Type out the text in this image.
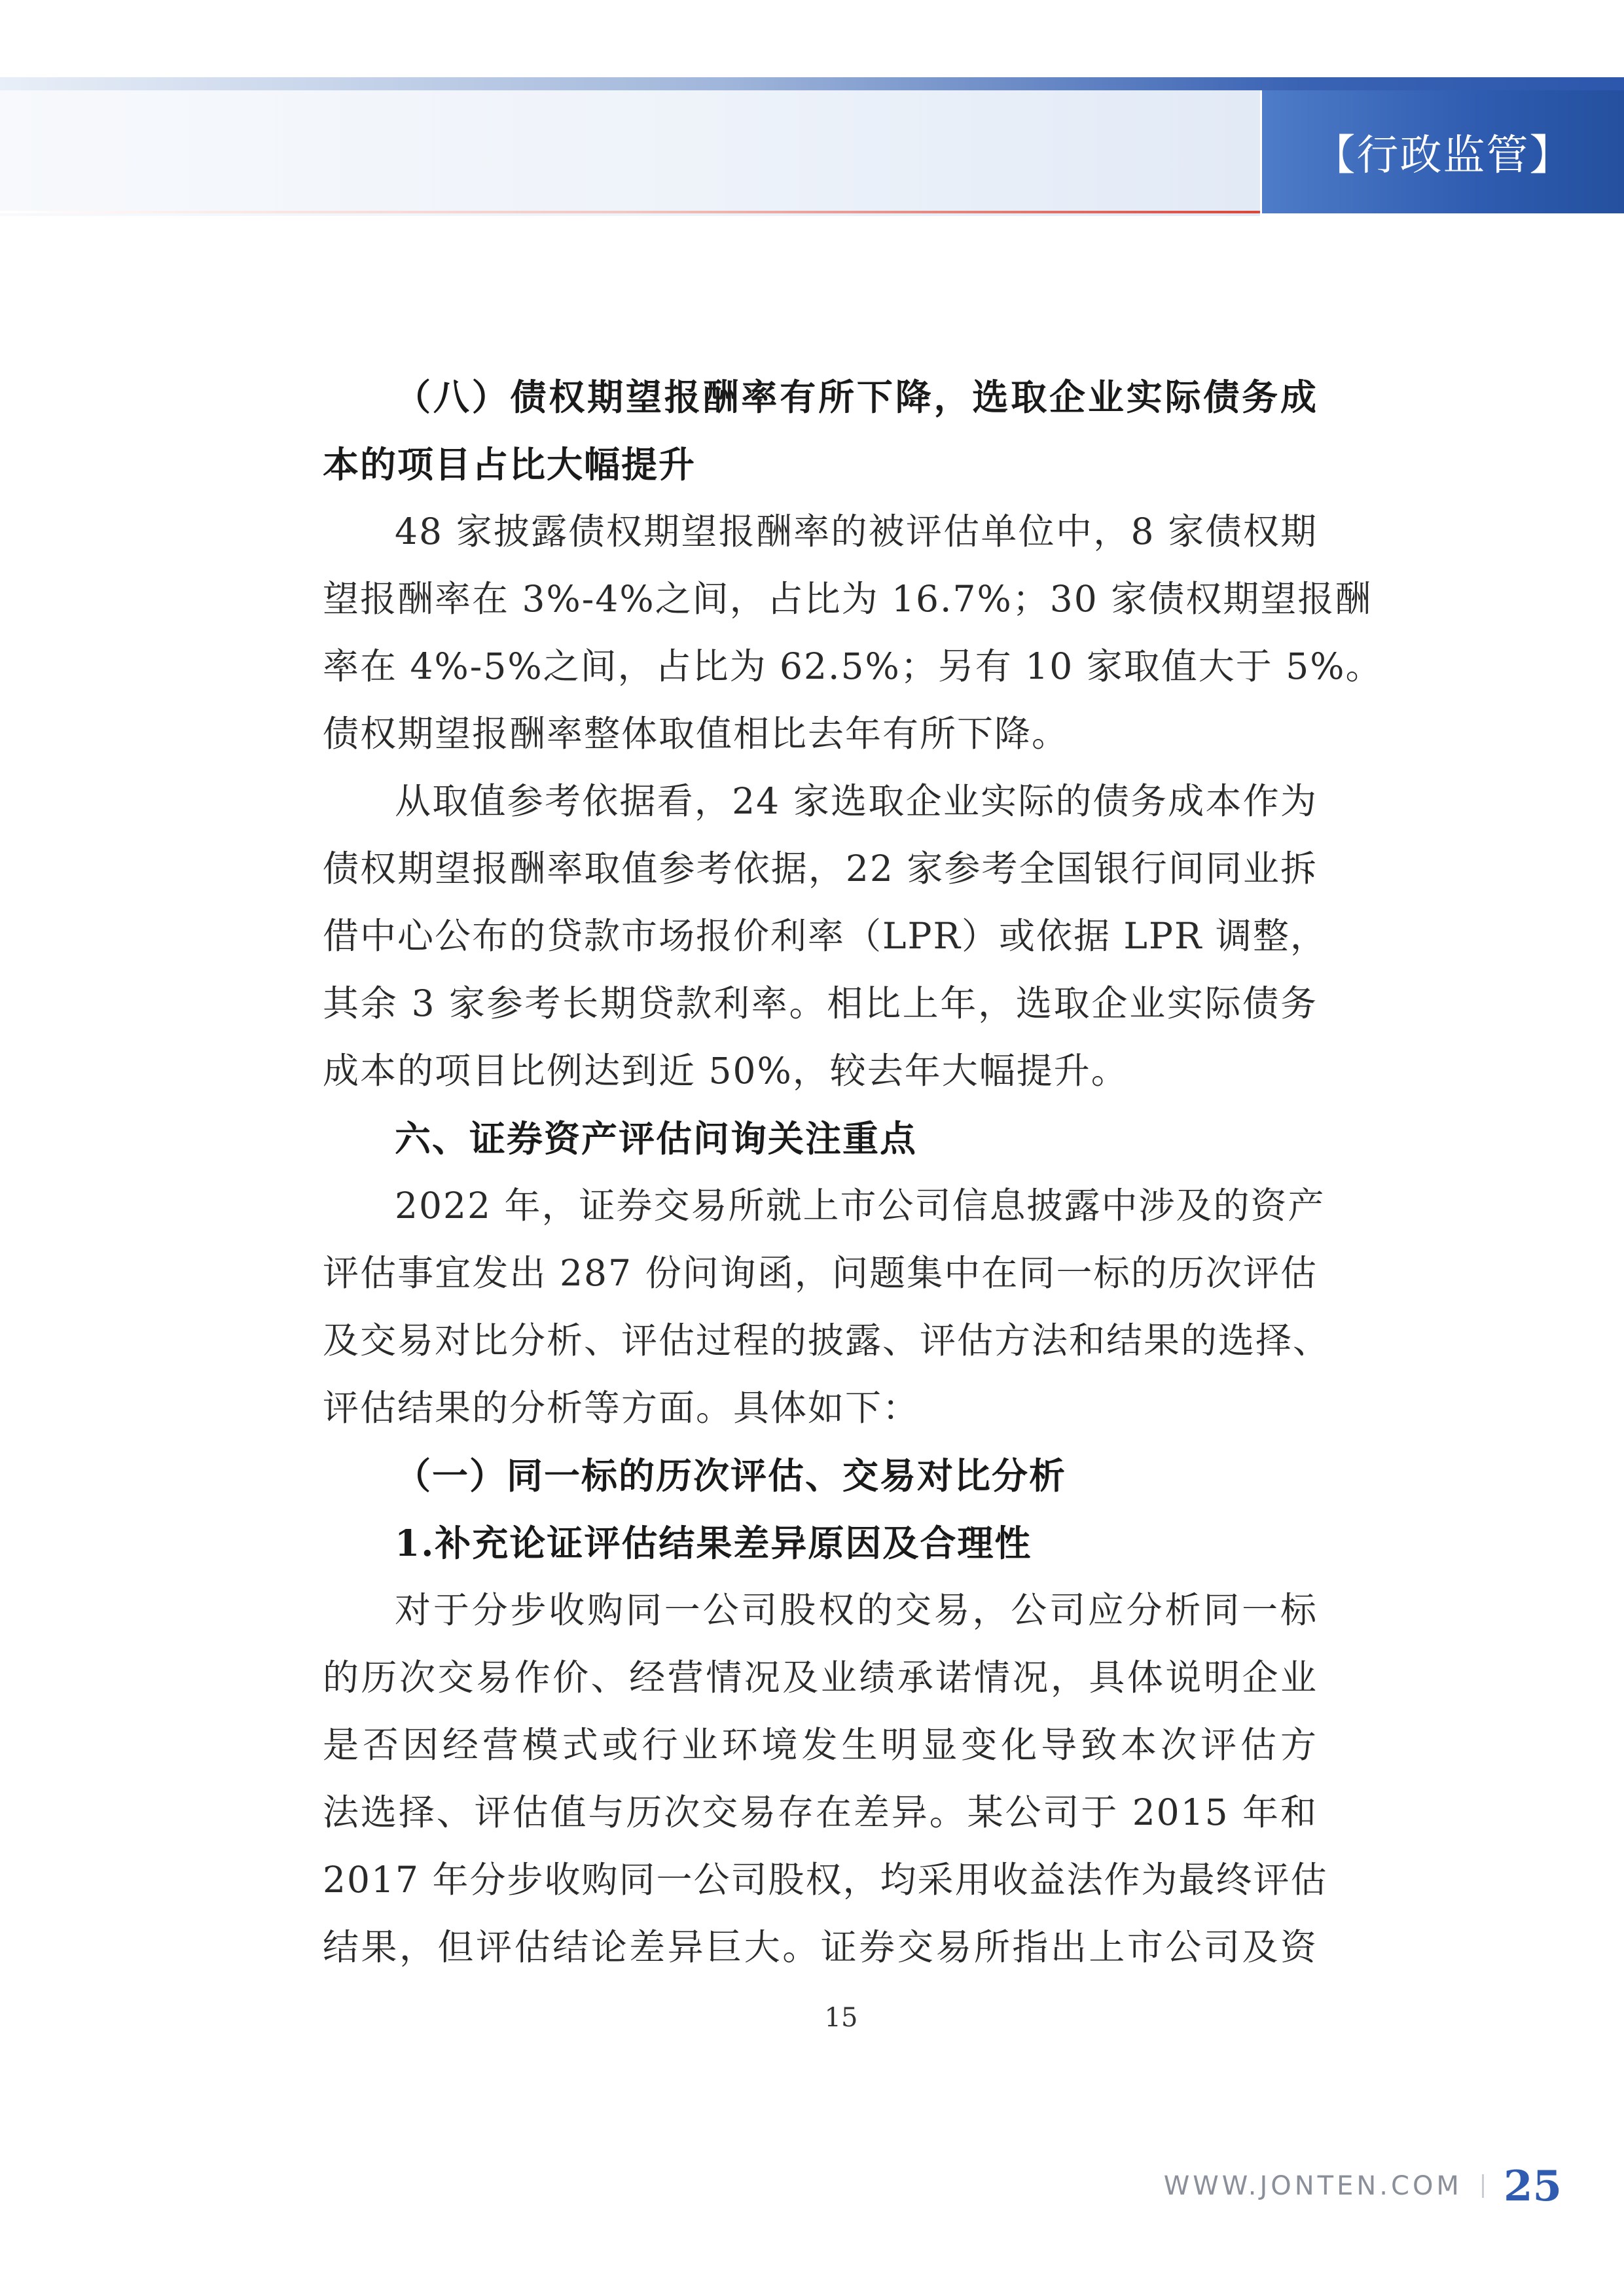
【行政监管】
（八）债权期望报酬率有所下降，选取企业实际债务成
本的项目占比大幅提升
48 家披露债权期望报酬率的被评估单位中，8 家债权期
望报酬率在 3%-4%之间，占比为 16.7%；30 家债权期望报酬
率在 4%-5%之间，占比为 62.5%；另有 10 家取值大于 5%。
债权期望报酬率整体取值相比去年有所下降。
从取值参考依据看，24 家选取企业实际的债务成本作为
债权期望报酬率取值参考依据，22 家参考全国银行间同业拆
借中心公布的贷款市场报价利率（LPR）或依据 LPR 调整，
其余 3 家参考长期贷款利率。相比上年，选取企业实际债务
成本的项目比例达到近 50%，较去年大幅提升。
六、证券资产评估问询关注重点
2022 年，证券交易所就上市公司信息披露中涉及的资产
评估事宜发出 287 份问询函，问题集中在同一标的历次评估
及交易对比分析、评估过程的披露、评估方法和结果的选择、
评估结果的分析等方面。具体如下：
（一）同一标的历次评估、交易对比分析
1.补充论证评估结果差异原因及合理性
对于分步收购同一公司股权的交易，公司应分析同一标
的历次交易作价、经营情况及业绩承诺情况，具体说明企业
是否因经营模式或行业环境发生明显变化导致本次评估方
法选择、评估值与历次交易存在差异。某公司于 2015 年和
2017 年分步收购同一公司股权，均采用收益法作为最终评估
结果，但评估结论差异巨大。证券交易所指出上市公司及资
15
WWW.JONTEN.COM 25
